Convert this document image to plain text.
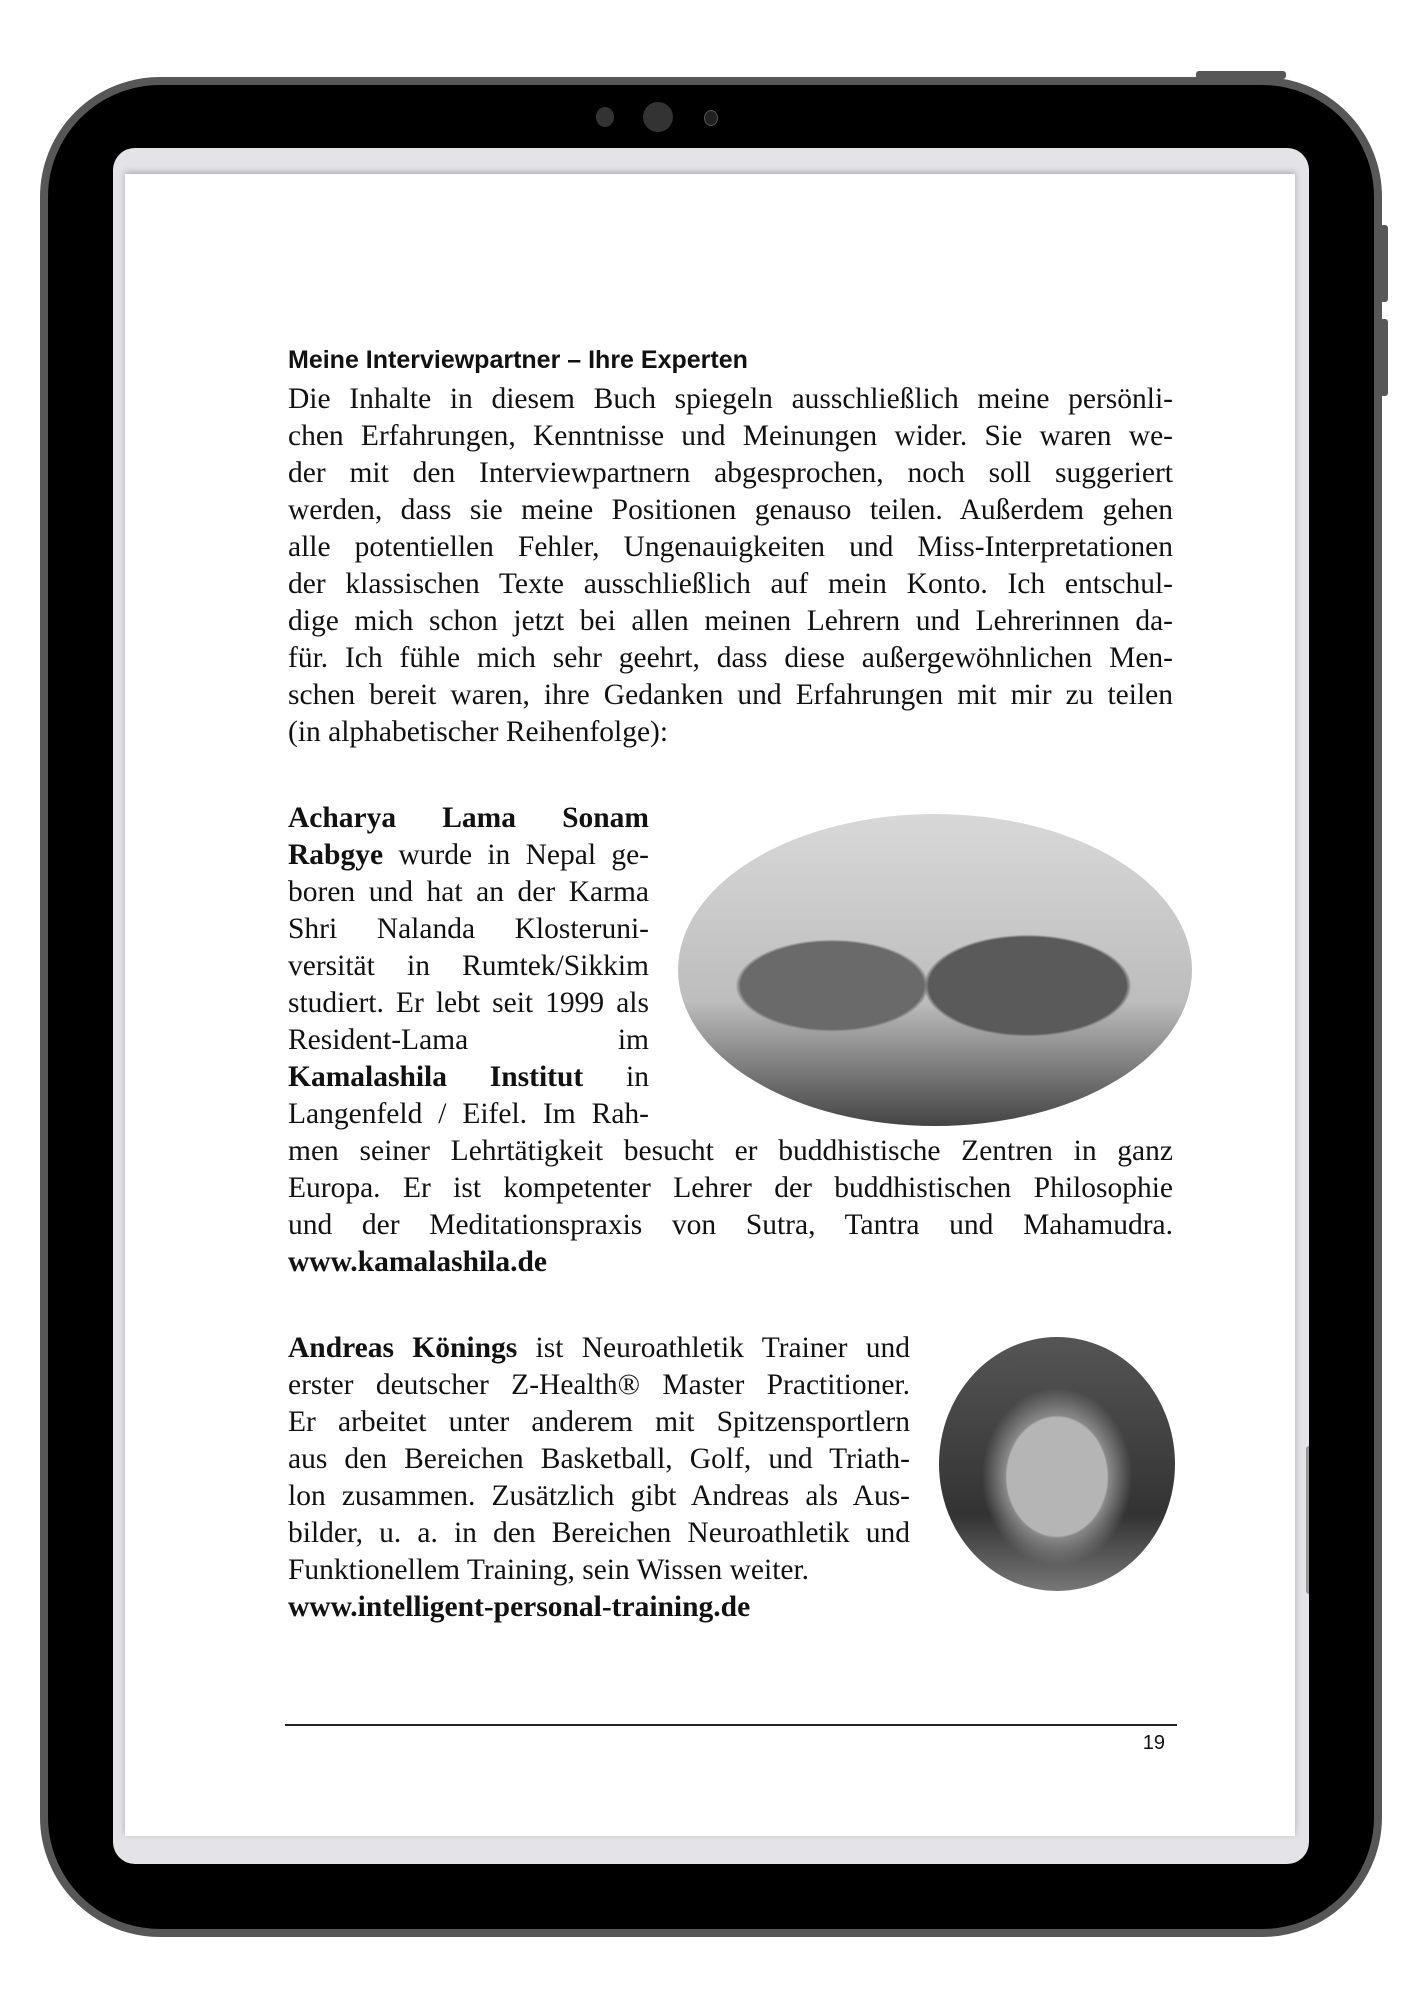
Meine Interviewpartner – Ihre Experten
Die Inhalte in diesem Buch spiegeln ausschließlich meine persönli-
chen Erfahrungen, Kenntnisse und Meinungen wider. Sie waren we-
der mit den Interviewpartnern abgesprochen, noch soll suggeriert
werden, dass sie meine Positionen genauso teilen. Außerdem gehen
alle potentiellen Fehler, Ungenauigkeiten und Miss-Interpretationen
der klassischen Texte ausschließlich auf mein Konto. Ich entschul-
dige mich schon jetzt bei allen meinen Lehrern und Lehrerinnen da-
für. Ich fühle mich sehr geehrt, dass diese außergewöhnlichen Men-
schen bereit waren, ihre Gedanken und Erfahrungen mit mir zu teilen
(in alphabetischer Reihenfolge):
Acharya Lama Sonam
Rabgye wurde in Nepal ge-
boren und hat an der Karma
Shri Nalanda Klosteruni-
versität in Rumtek/Sikkim
studiert. Er lebt seit 1999 als
Resident-Lama im
Kamalashila Institut in
Langenfeld / Eifel. Im Rah-
men seiner Lehrtätigkeit besucht er buddhistische Zentren in ganz
Europa. Er ist kompetenter Lehrer der buddhistischen Philosophie
und der Meditationspraxis von Sutra, Tantra und Mahamudra.
www.kamalashila.de
Andreas Könings ist Neuroathletik Trainer und
erster deutscher Z-Health® Master Practitioner.
Er arbeitet unter anderem mit Spitzensportlern
aus den Bereichen Basketball, Golf, und Triath-
lon zusammen. Zusätzlich gibt Andreas als Aus-
bilder, u. a. in den Bereichen Neuroathletik und
Funktionellem Training, sein Wissen weiter.
www.intelligent-personal-training.de
19
